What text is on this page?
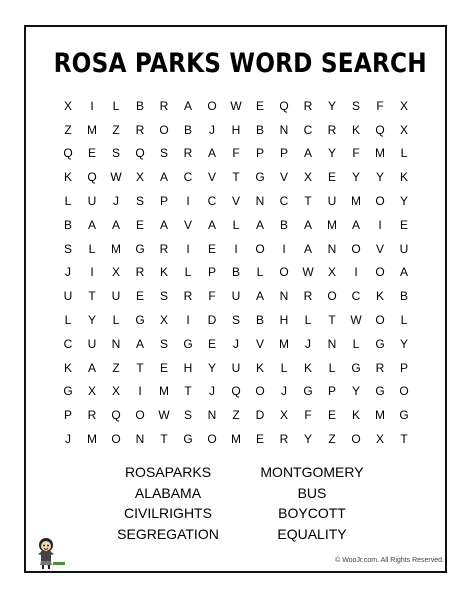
ROSA PARKS WORD SEARCH
X	I	L	B	R	A	O	W	E	Q	R	Y	S	F	X
Z	M	Z	R	O	B	J	H	B	N	C	R	K	Q	X
Q	E	S	Q	S	R	A	F	P	P	A	Y	F	M	L
K	Q	W	X	A	C	V	T	G	V	X	E	Y	Y	K
L	U	J	S	P	I	C	V	N	C	T	U	M	O	Y
B	A	A	E	A	V	A	L	A	B	A	M	A	I	E
S	L	M	G	R	I	E	I	O	I	A	N	O	V	U
J	I	X	R	K	L	P	B	L	O	W	X	I	O	A
U	T	U	E	S	R	F	U	A	N	R	O	C	K	B
L	Y	L	G	X	I	D	S	B	H	L	T	W	O	L
C	U	N	A	S	G	E	J	V	M	J	N	L	G	Y
K	A	Z	T	E	H	Y	U	K	L	K	L	G	R	P
G	X	X	I	M	T	J	Q	O	J	G	P	Y	G	O
P	R	Q	O	W	S	N	Z	D	X	F	E	K	M	G
J	M	O	N	T	G	O	M	E	R	Y	Z	O	X	T
ROSAPARKS	MONTGOMERY
ALABAMA	BUS
CIVILRIGHTS	BOYCOTT
SEGREGATION	EQUALITY
© WooJr.com. All Rights Reserved.
